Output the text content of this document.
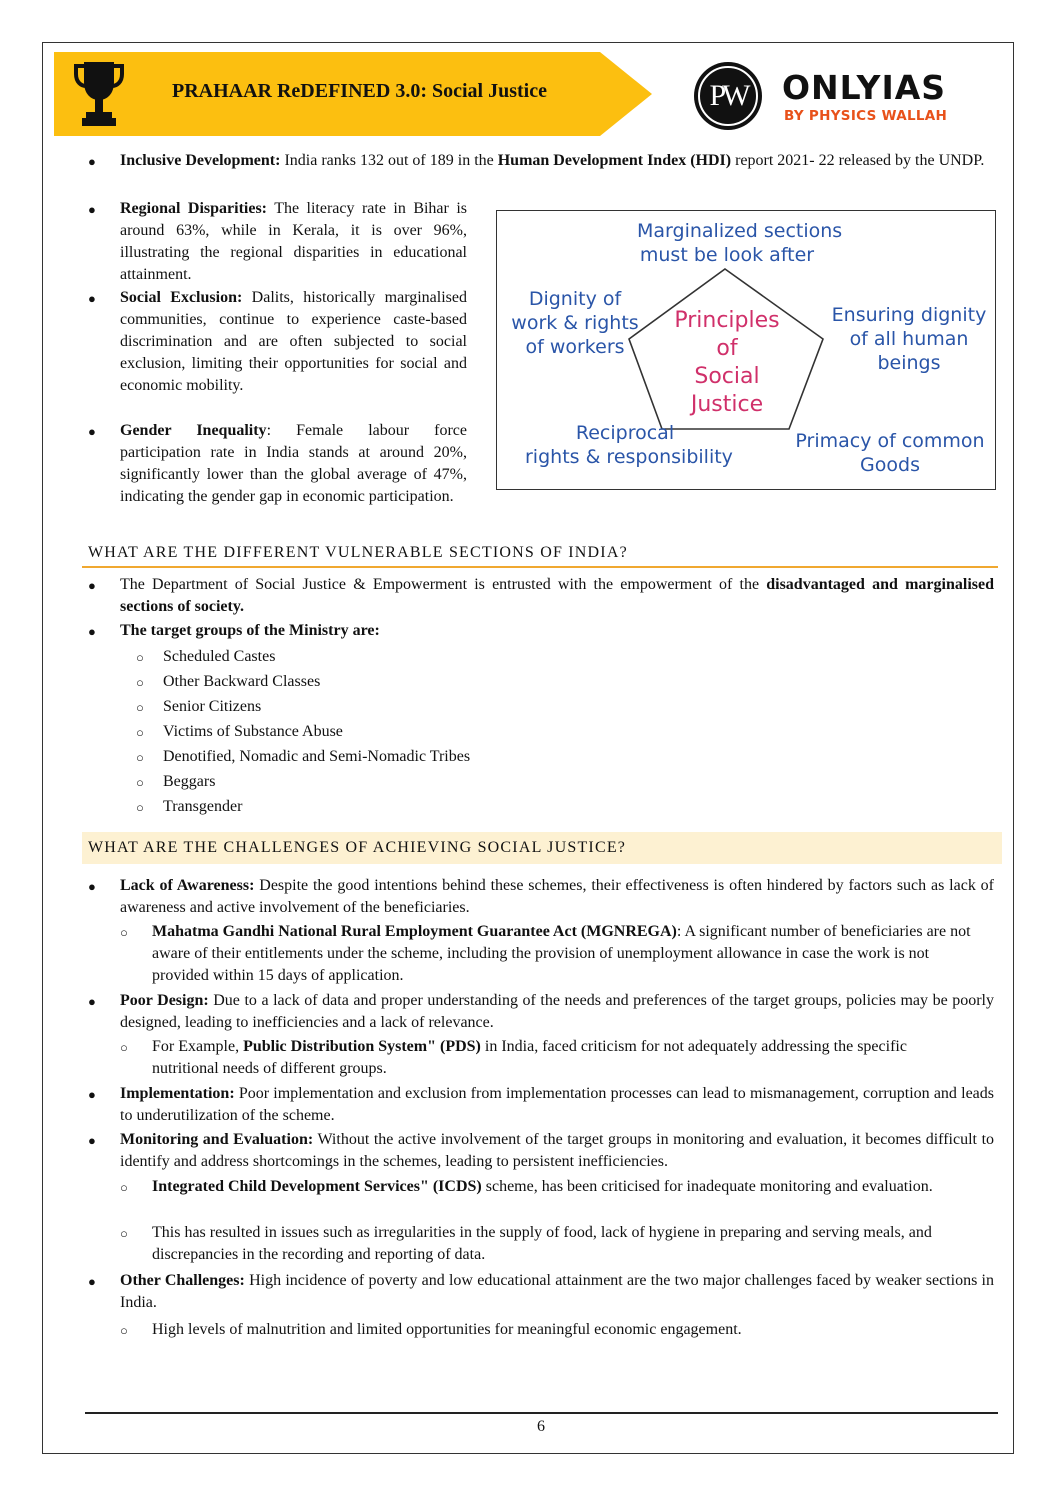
PRAHAAR ReDEFINED 3.0: Social Justice	PW	ONLYIAS
BY PHYSICS WALLAH
● Inclusive Development: India ranks 132 out of 189 in the Human Development Index (HDI) report 2021- 22 released by the UNDP.
● Regional Disparities: The literacy rate in Bihar is around 63%, while in Kerala, it is over 96%, illustrating the regional disparities in educational attainment.
● Social Exclusion: Dalits, historically marginalised communities, continue to experience caste-based discrimination and are often subjected to social exclusion, limiting their opportunities for social and economic mobility.
● Gender Inequality: Female labour force participation rate in India stands at around 20%, significantly lower than the global average of 47%, indicating the gender gap in economic participation.
Marginalized sections
must be look after
Dignity of
work & rights
of workers
Ensuring dignity
of all human
beings
Reciprocal
rights & responsibility
Primacy of common
Goods
Principles
of
Social
Justice
WHAT ARE THE DIFFERENT VULNERABLE SECTIONS OF INDIA?
● The Department of Social Justice & Empowerment is entrusted with the empowerment of the disadvantaged and marginalised sections of society.
● The target groups of the Ministry are:
○ Scheduled Castes
○ Other Backward Classes
○ Senior Citizens
○ Victims of Substance Abuse
○ Denotified, Nomadic and Semi-Nomadic Tribes
○ Beggars
○ Transgender
WHAT ARE THE CHALLENGES OF ACHIEVING SOCIAL JUSTICE?
● Lack of Awareness: Despite the good intentions behind these schemes, their effectiveness is often hindered by factors such as lack of awareness and active involvement of the beneficiaries.
○ Mahatma Gandhi National Rural Employment Guarantee Act (MGNREGA): A significant number of beneficiaries are not aware of their entitlements under the scheme, including the provision of unemployment allowance in case the work is not provided within 15 days of application.
● Poor Design: Due to a lack of data and proper understanding of the needs and preferences of the target groups, policies may be poorly designed, leading to inefficiencies and a lack of relevance.
○ For Example, Public Distribution System" (PDS) in India, faced criticism for not adequately addressing the specific nutritional needs of different groups.
● Implementation: Poor implementation and exclusion from implementation processes can lead to mismanagement, corruption and leads to underutilization of the scheme.
● Monitoring and Evaluation: Without the active involvement of the target groups in monitoring and evaluation, it becomes difficult to identify and address shortcomings in the schemes, leading to persistent inefficiencies.
○ Integrated Child Development Services" (ICDS) scheme, has been criticised for inadequate monitoring and evaluation.
○ This has resulted in issues such as irregularities in the supply of food, lack of hygiene in preparing and serving meals, and discrepancies in the recording and reporting of data.
● Other Challenges: High incidence of poverty and low educational attainment are the two major challenges faced by weaker sections in India.
○ High levels of malnutrition and limited opportunities for meaningful economic engagement.
6
